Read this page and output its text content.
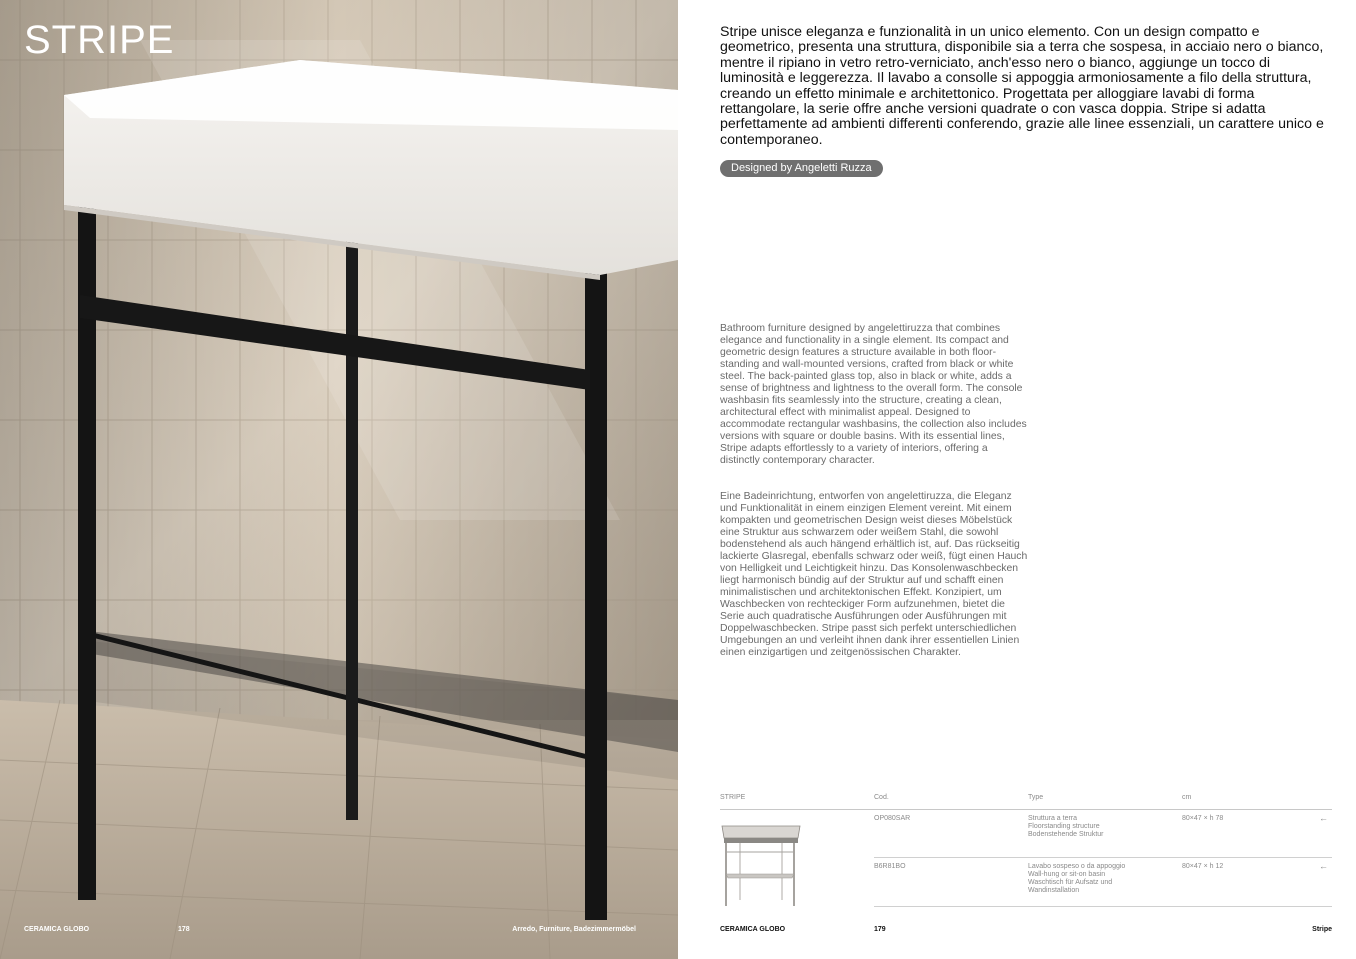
STRIPE
CERAMICA GLOBO	178	Arredo, Furniture, Badezimmermöbel

Stripe unisce eleganza e funzionalità in un unico elemento. Con un design compatto e geometrico, presenta una struttura, disponibile sia a terra che sospesa, in acciaio nero o bianco, mentre il ripiano in vetro retro-verniciato, anch'esso nero o bianco, aggiunge un tocco di luminosità e leggerezza. Il lavabo a consolle si appoggia armoniosamente a filo della struttura, creando un effetto minimale e architettonico. Progettata per alloggiare lavabi di forma rettangolare, la serie offre anche versioni quadrate o con vasca doppia. Stripe si adatta perfettamente ad ambienti differenti conferendo, grazie alle linee essenziali, un carattere unico e contemporaneo.

Designed by Angeletti Ruzza

Bathroom furniture designed by angelettiruzza that combines elegance and functionality in a single element. Its compact and geometric design features a structure available in both floor-standing and wall-mounted versions, crafted from black or white steel. The back-painted glass top, also in black or white, adds a sense of brightness and lightness to the overall form. The console washbasin fits seamlessly into the structure, creating a clean, architectural effect with minimalist appeal. Designed to accommodate rectangular washbasins, the collection also includes versions with square or double basins. With its essential lines, Stripe adapts effortlessly to a variety of interiors, offering a distinctly contemporary character.

Eine Badeinrichtung, entworfen von angelettiruzza, die Eleganz und Funktionalität in einem einzigen Element vereint. Mit einem kompakten und geometrischen Design weist dieses Möbelstück eine Struktur aus schwarzem oder weißem Stahl, die sowohl bodenstehend als auch hängend erhältlich ist, auf. Das rückseitig lackierte Glasregal, ebenfalls schwarz oder weiß, fügt einen Hauch von Helligkeit und Leichtigkeit hinzu. Das Konsolenwaschbecken liegt harmonisch bündig auf der Struktur auf und schafft einen minimalistischen und architektonischen Effekt. Konzipiert, um Waschbecken von rechteckiger Form aufzunehmen, bietet die Serie auch quadratische Ausführungen oder Ausführungen mit Doppelwaschbecken. Stripe passt sich perfekt unterschiedlichen Umgebungen an und verleiht ihnen dank ihrer essentiellen Linien einen einzigartigen und zeitgenössischen Charakter.

STRIPE	Cod.	Type	cm
OP080SAR	Struttura a terra
Floorstanding structure
Bodenstehende Struktur
80×47 × h 78	←
B6R81BO	Lavabo sospeso o da appoggio
Wall-hung or sit-on basin
Waschtisch für Aufsatz und
Wandinstallation
80×47 × h 12	←
CERAMICA GLOBO	179	Stripe
